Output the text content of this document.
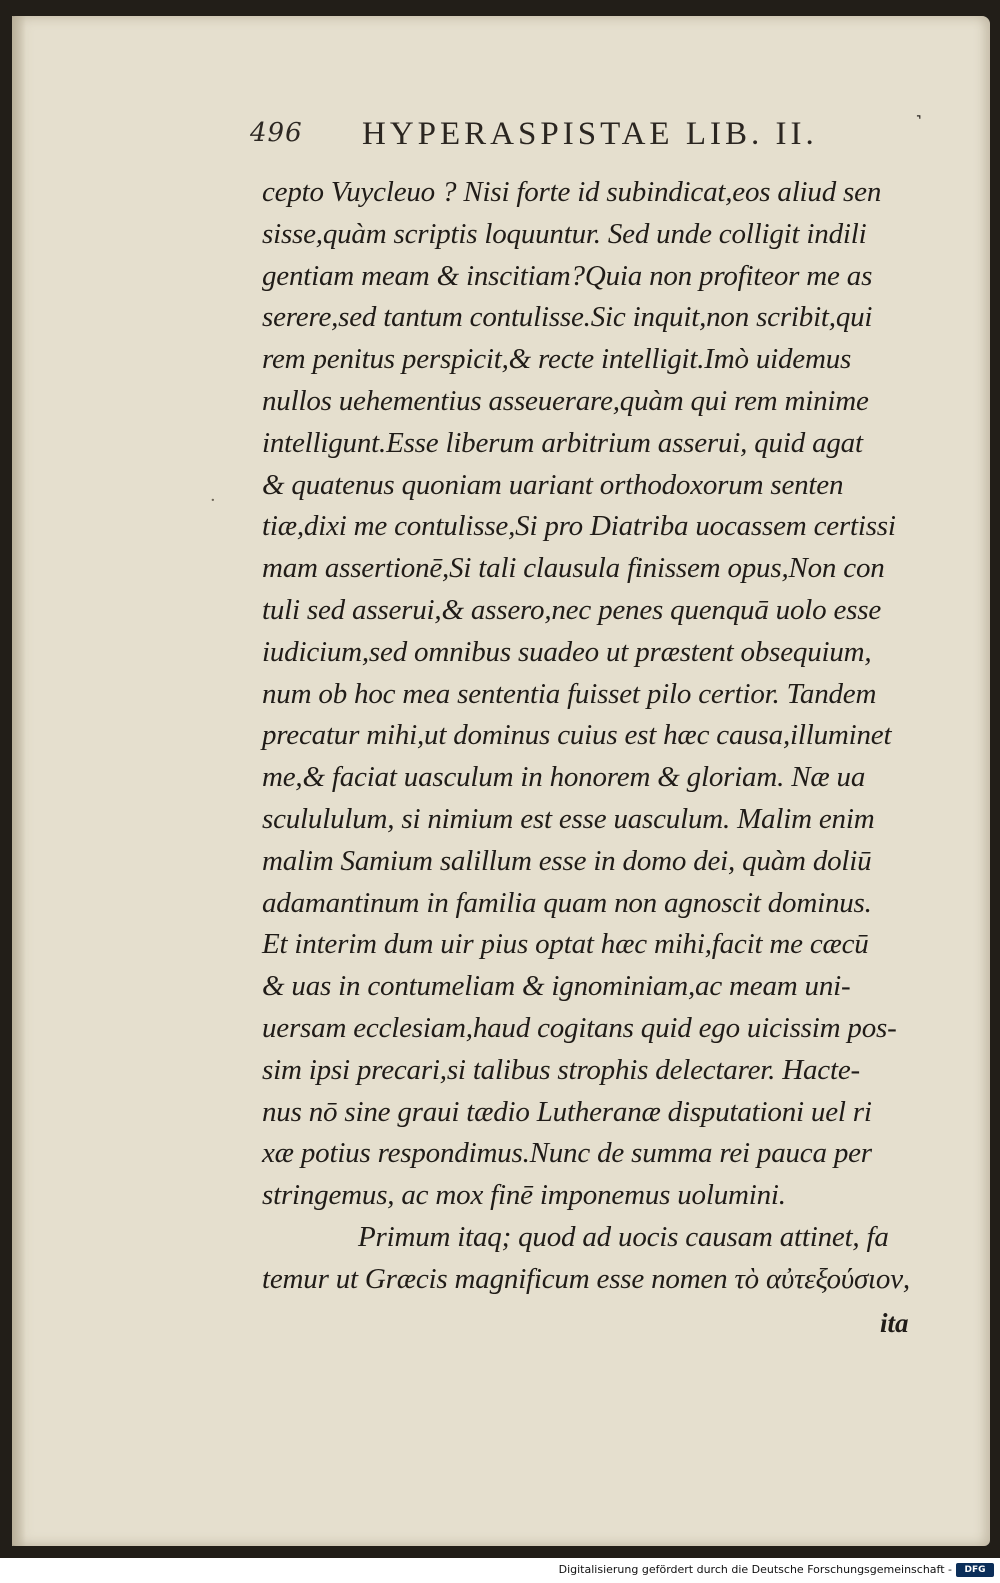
496 HYPERASPISTAE LIB. II.	˺
·
cepto Vuycleuo ? Nisi forte id subindicat,eos aliud sen
sisse,quàm scriptis loquuntur. Sed unde colligit indili
gentiam meam & inscitiam?Quia non profiteor me as
serere,sed tantum contulisse.Sic inquit,non scribit,qui
rem penitus perspicit,& recte intelligit.Imò uidemus
nullos uehementius asseuerare,quàm qui rem minime
intelligunt.Esse liberum arbitrium asserui, quid agat
& quatenus quoniam uariant orthodoxorum senten
tiæ,dixi me contulisse,Si pro Diatriba uocassem certissi
mam assertionē,Si tali clausula finissem opus,Non con
tuli sed asserui,& assero,nec penes quenquā uolo esse
iudicium,sed omnibus suadeo ut præstent obsequium,
num ob hoc mea sententia fuisset pilo certior. Tandem
precatur mihi,ut dominus cuius est hæc causa,illuminet
me,& faciat uasculum in honorem & gloriam. Næ ua
sculululum, si nimium est esse uasculum. Malim enim
malim Samium salillum esse in domo dei, quàm doliū
adamantinum in familia quam non agnoscit dominus.
Et interim dum uir pius optat hæc mihi,facit me cæcū
& uas in contumeliam & ignominiam,ac meam uni-
uersam ecclesiam,haud cogitans quid ego uicissim pos-
sim ipsi precari,si talibus strophis delectarer. Hacte-
nus nō sine graui tædio Lutheranæ disputationi uel ri
xæ potius respondimus.Nunc de summa rei pauca per
stringemus, ac mox finē imponemus uolumini.
Primum itaq; quod ad uocis causam attinet, fa
temur ut Græcis magnificum esse nomen τὸ αὐτεξούσιον,
ita
Digitalisierung gefördert durch die Deutsche Forschungsgemeinschaft -	DFG
